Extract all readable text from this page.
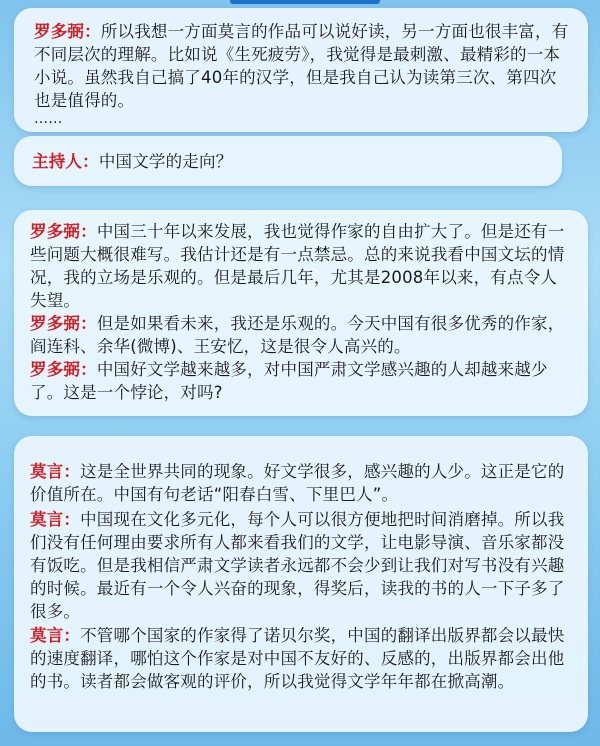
罗多弼：所以我想一方面莫言的作品可以说好读，另一方面也很丰富，有不同层次的理解。比如说《生死疲劳》，我觉得是最刺激、最精彩的一本小说。虽然我自己搞了40年的汉学，但是我自己认为读第三次、第四次也是值得的。
……
主持人：中国文学的走向？
罗多弼：中国三十年以来发展，我也觉得作家的自由扩大了。但是还有一些问题大概很难写。我估计还是有一点禁忌。总的来说我看中国文坛的情况，我的立场是乐观的。但是最后几年，尤其是2008年以来，有点令人失望。
罗多弼：但是如果看未来，我还是乐观的。今天中国有很多优秀的作家，阎连科、余华(微博)、王安忆，这是很令人高兴的。
罗多弼：中国好文学越来越多，对中国严肃文学感兴趣的人却越来越少了。这是一个悖论，对吗?
莫言：这是全世界共同的现象。好文学很多，感兴趣的人少。这正是它的价值所在。中国有句老话“阳春白雪、下里巴人”。
莫言：中国现在文化多元化，每个人可以很方便地把时间消磨掉。所以我们没有任何理由要求所有人都来看我们的文学，让电影导演、音乐家都没有饭吃。但是我相信严肃文学读者永远都不会少到让我们对写书没有兴趣的时候。最近有一个令人兴奋的现象，得奖后，读我的书的人一下子多了很多。
莫言：不管哪个国家的作家得了诺贝尔奖，中国的翻译出版界都会以最快的速度翻译，哪怕这个作家是对中国不友好的、反感的，出版界都会出他的书。读者都会做客观的评价，所以我觉得文学年年都在掀高潮。
